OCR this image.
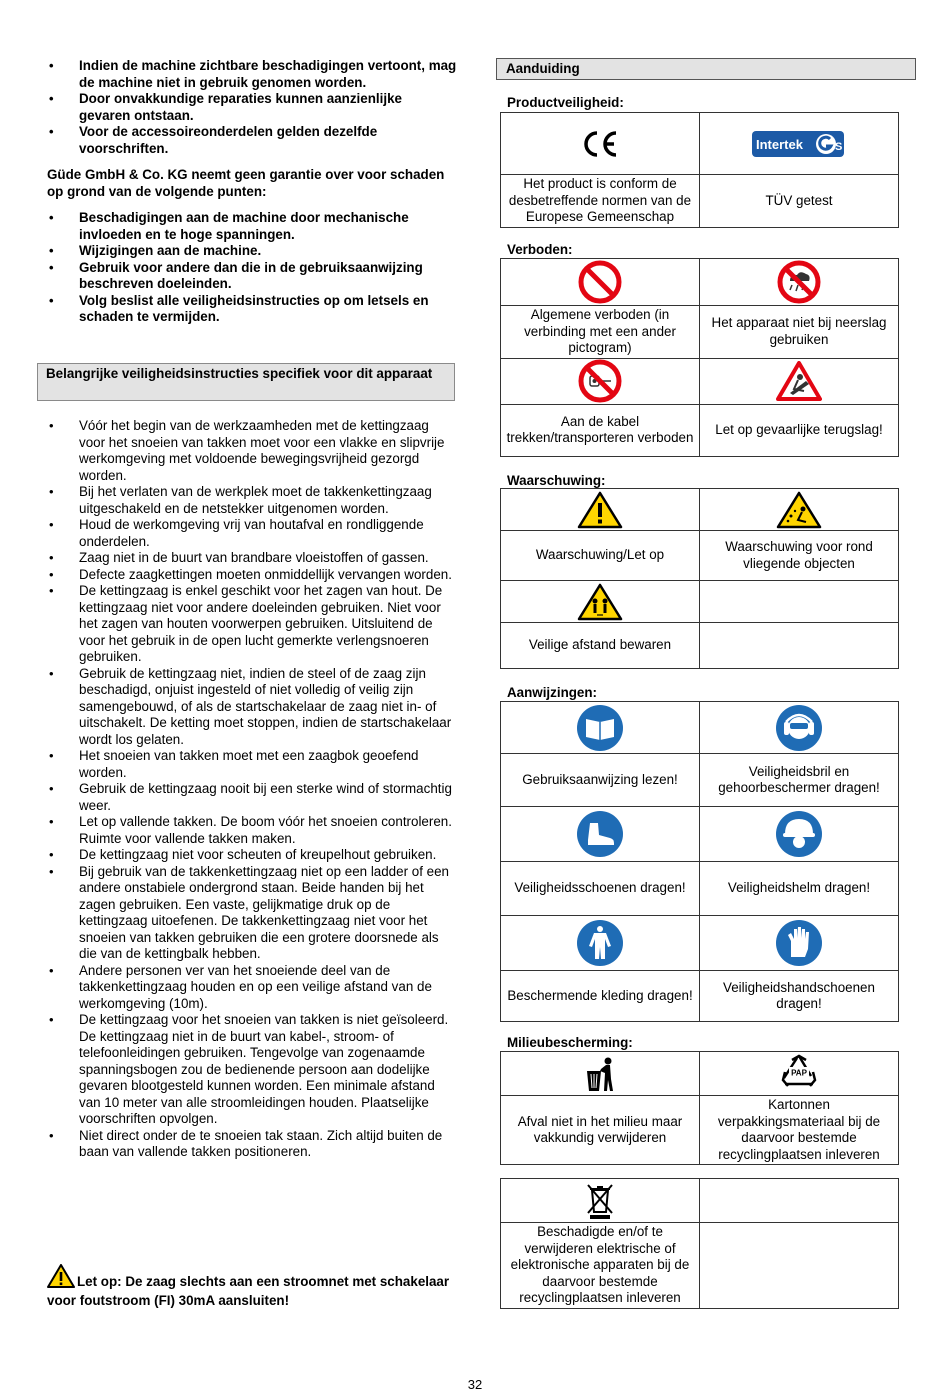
• Indien de machine zichtbare beschadigingen vertoont, mag de machine niet in gebruik genomen worden.
• Door onvakkundige reparaties kunnen aanzienlijke gevaren ontstaan.
• Voor de accessoireonderdelen gelden dezelfde voorschriften.
Güde GmbH & Co. KG neemt geen garantie over voor schaden op grond van de volgende punten:
• Beschadigingen aan de machine door mechanische invloeden en te hoge spanningen.
• Wijzigingen aan de machine.
• Gebruik voor andere dan die in de gebruiksaanwijzing beschreven doeleinden.
• Volg beslist alle veiligheidsinstructies op om letsels en schaden te vermijden.
Belangrijke veiligheidsinstructies specifiek voor dit apparaat
• Vóór het begin van de werkzaamheden met de kettingzaag voor het snoeien van takken moet voor een vlakke en slipvrije werkomgeving met voldoende bewegingsvrijheid gezorgd worden.
• Bij het verlaten van de werkplek moet de takkenkettingzaag uitgeschakeld en de netstekker uitgenomen worden.
• Houd de werkomgeving vrij van houtafval en rondliggende onderdelen.
• Zaag niet in de buurt van brandbare vloeistoffen of gassen.
• Defecte zaagkettingen moeten onmiddellijk vervangen worden.
• De kettingzaag is enkel geschikt voor het zagen van hout. De kettingzaag niet voor andere doeleinden gebruiken. Niet voor het zagen van houten voorwerpen gebruiken. Uitsluitend de voor het gebruik in de open lucht gemerkte verlengsnoeren gebruiken.
• Gebruik de kettingzaag niet, indien de steel of de zaag zijn beschadigd, onjuist ingesteld of niet volledig of veilig zijn samengebouwd, of als de startschakelaar de zaag niet in- of uitschakelt. De ketting moet stoppen, indien de startschakelaar wordt los gelaten.
• Het snoeien van takken moet met een zaagbok geoefend worden.
• Gebruik de kettingzaag nooit bij een sterke wind of stormachtig weer.
• Let op vallende takken. De boom vóór het snoeien controleren. Ruimte voor vallende takken maken.
• De kettingzaag niet voor scheuten of kreupelhout gebruiken.
• Bij gebruik van de takkenkettingzaag niet op een ladder of een andere onstabiele ondergrond staan. Beide handen bij het zagen gebruiken. Een vaste, gelijkmatige druk op de kettingzaag uitoefenen. De takkenkettingzaag niet voor het snoeien van takken gebruiken die een grotere doorsnede als die van de kettingbalk hebben.
• Andere personen ver van het snoeiende deel van de takkenkettingzaag houden en op een veilige afstand van de werkomgeving (10m).
• De kettingzaag voor het snoeien van takken is niet geïsoleerd. De kettingzaag niet in de buurt van kabel-, stroom- of telefoonleidingen gebruiken. Tengevolge van zogenaamde spanningsbogen zou de bedienende persoon aan dodelijke gevaren blootgesteld kunnen worden. Een minimale afstand van 10 meter van alle stroomleidingen houden. Plaatselijke voorschriften opvolgen.
• Niet direct onder de te snoeien tak staan. Zich altijd buiten de baan van vallende takken positioneren.
Let op: De zaag slechts aan een stroomnet met schakelaar voor foutstroom (FI) 30mA aansluiten!
Aanduiding
Productveiligheid:

Intertek S

Het product is conform de desbetreffende normen van de Europese Gemeenschap	TÜV getest
Verboden:

Algemene verboden (in verbinding met een ander pictogram)	Het apparaat niet bij neerslag gebruiken

Aan de kabel trekken/transporteren verboden	Let op gevaarlijke terugslag!
Waarschuwing:

Waarschuwing/Let op	Waarschuwing voor rond vliegende objecten

Veilige afstand bewaren	
Aanwijzingen:

Gebruiksaanwijzing lezen!	Veiligheidsbril en gehoorbeschermer dragen!

Veiligheidsschoenen dragen!	Veiligheidshelm dragen!

Beschermende kleding dragen!	Veiligheidshandschoenen dragen!
Milieubescherming:

PAP

Afval niet in het milieu maar vakkundig verwijderen	Kartonnen verpakkingsmateriaal bij de daarvoor bestemde recyclingplaatsen inleveren

Beschadigde en/of te verwijderen elektrische of elektronische apparaten bij de daarvoor bestemde recyclingplaatsen inleveren	
32
